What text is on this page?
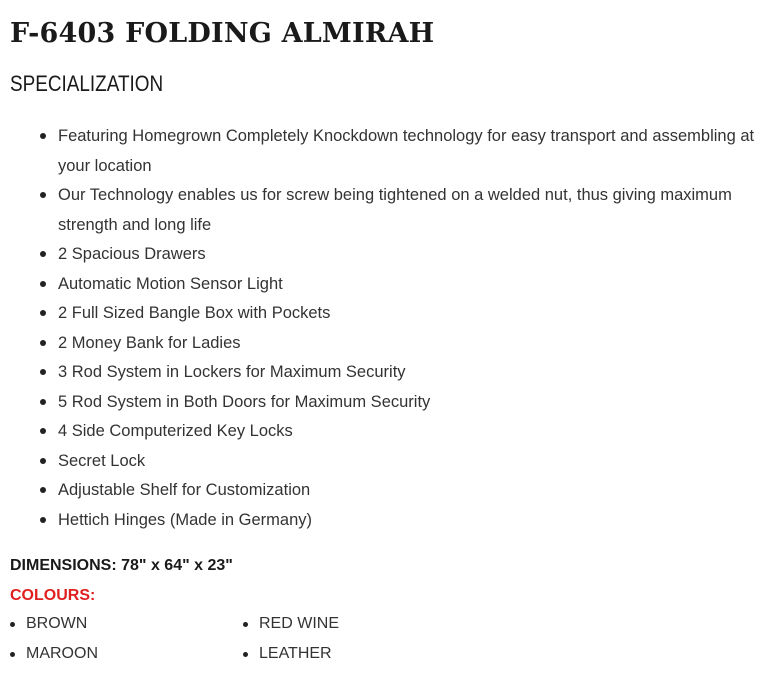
F-6403 FOLDING ALMIRAH
SPECIALIZATION
Featuring Homegrown Completely Knockdown technology for easy transport and assembling at your location
Our Technology enables us for screw being tightened on a welded nut, thus giving maximum strength and long life
2 Spacious Drawers
Automatic Motion Sensor Light
2 Full Sized Bangle Box with Pockets
2 Money Bank for Ladies
3 Rod System in Lockers for Maximum Security
5 Rod System in Both Doors for Maximum Security
4 Side Computerized Key Locks
Secret Lock
Adjustable Shelf for Customization
Hettich Hinges (Made in Germany)
DIMENSIONS: 78" x 64" x 23"
COLOURS:
BROWN	RED WINE
MAROON	LEATHER
